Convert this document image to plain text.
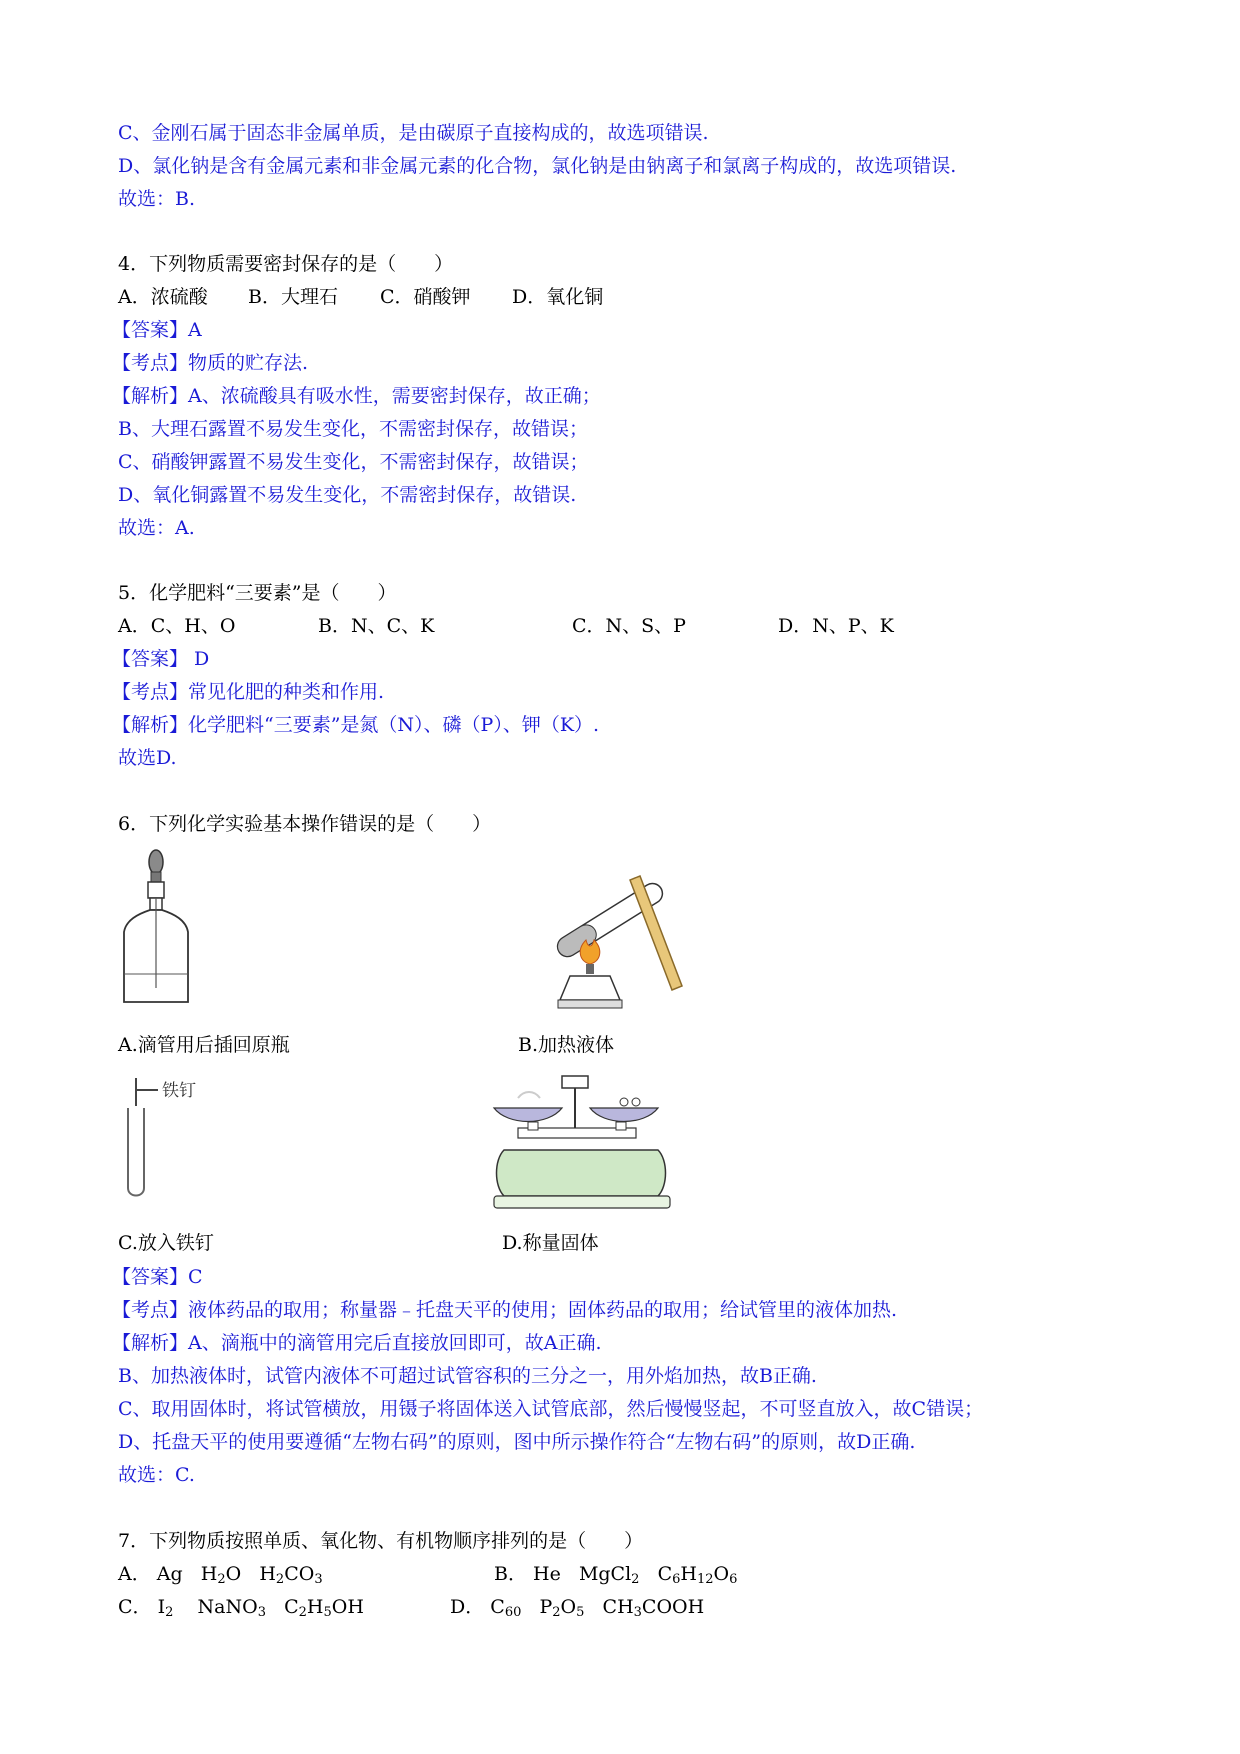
C、金刚石属于固态非金属单质，是由碳原子直接构成的，故选项错误.
D、氯化钠是含有金属元素和非金属元素的化合物，氯化钠是由钠离子和氯离子构成的，故选项错误.
故选：B.
4．下列物质需要密封保存的是（　　）
A．浓硫酸 B．大理石 C．硝酸钾 D．氧化铜
【答案】A
【考点】物质的贮存法.
【解析】A、浓硫酸具有吸水性，需要密封保存，故正确；
B、大理石露置不易发生变化，不需密封保存，故错误；
C、硝酸钾露置不易发生变化，不需密封保存，故错误；
D、氧化铜露置不易发生变化，不需密封保存，故错误.
故选：A.
5．化学肥料“三要素”是（　　）
A．C、H、O	B．N、C、K	C．N、S、P	D．N、P、K
【答案】 D
【考点】常见化肥的种类和作用.
【解析】化学肥料“三要素”是氮（N）、磷（P）、钾（K）.
故选D.
6．下列化学实验基本操作错误的是（　　）
A.滴管用后插回原瓶	B.加热液体
铁钉
C.放入铁钉	D.称量固体
【答案】C
【考点】液体药品的取用；称量器﹣托盘天平的使用；固体药品的取用；给试管里的液体加热.
【解析】A、滴瓶中的滴管用完后直接放回即可，故A正确.
B、加热液体时，试管内液体不可超过试管容积的三分之一，用外焰加热，故B正确.
C、取用固体时，将试管横放，用镊子将固体送入试管底部，然后慢慢竖起，不可竖直放入，故C错误；
D、托盘天平的使用要遵循“左物右码”的原则，图中所示操作符合“左物右码”的原则，故D正确.
故选：C.
7．下列物质按照单质、氧化物、有机物顺序排列的是（　　）
A． Ag   $H_2O$   $H_2CO_3$	B． He   MgCl$_2$   $C_6H_{12}O_6$
C． $I_2$    NaNO$_3$   $C_2H_5OH$	D． $C_{60}$   $P_2O_5$   $CH_3COOH$
